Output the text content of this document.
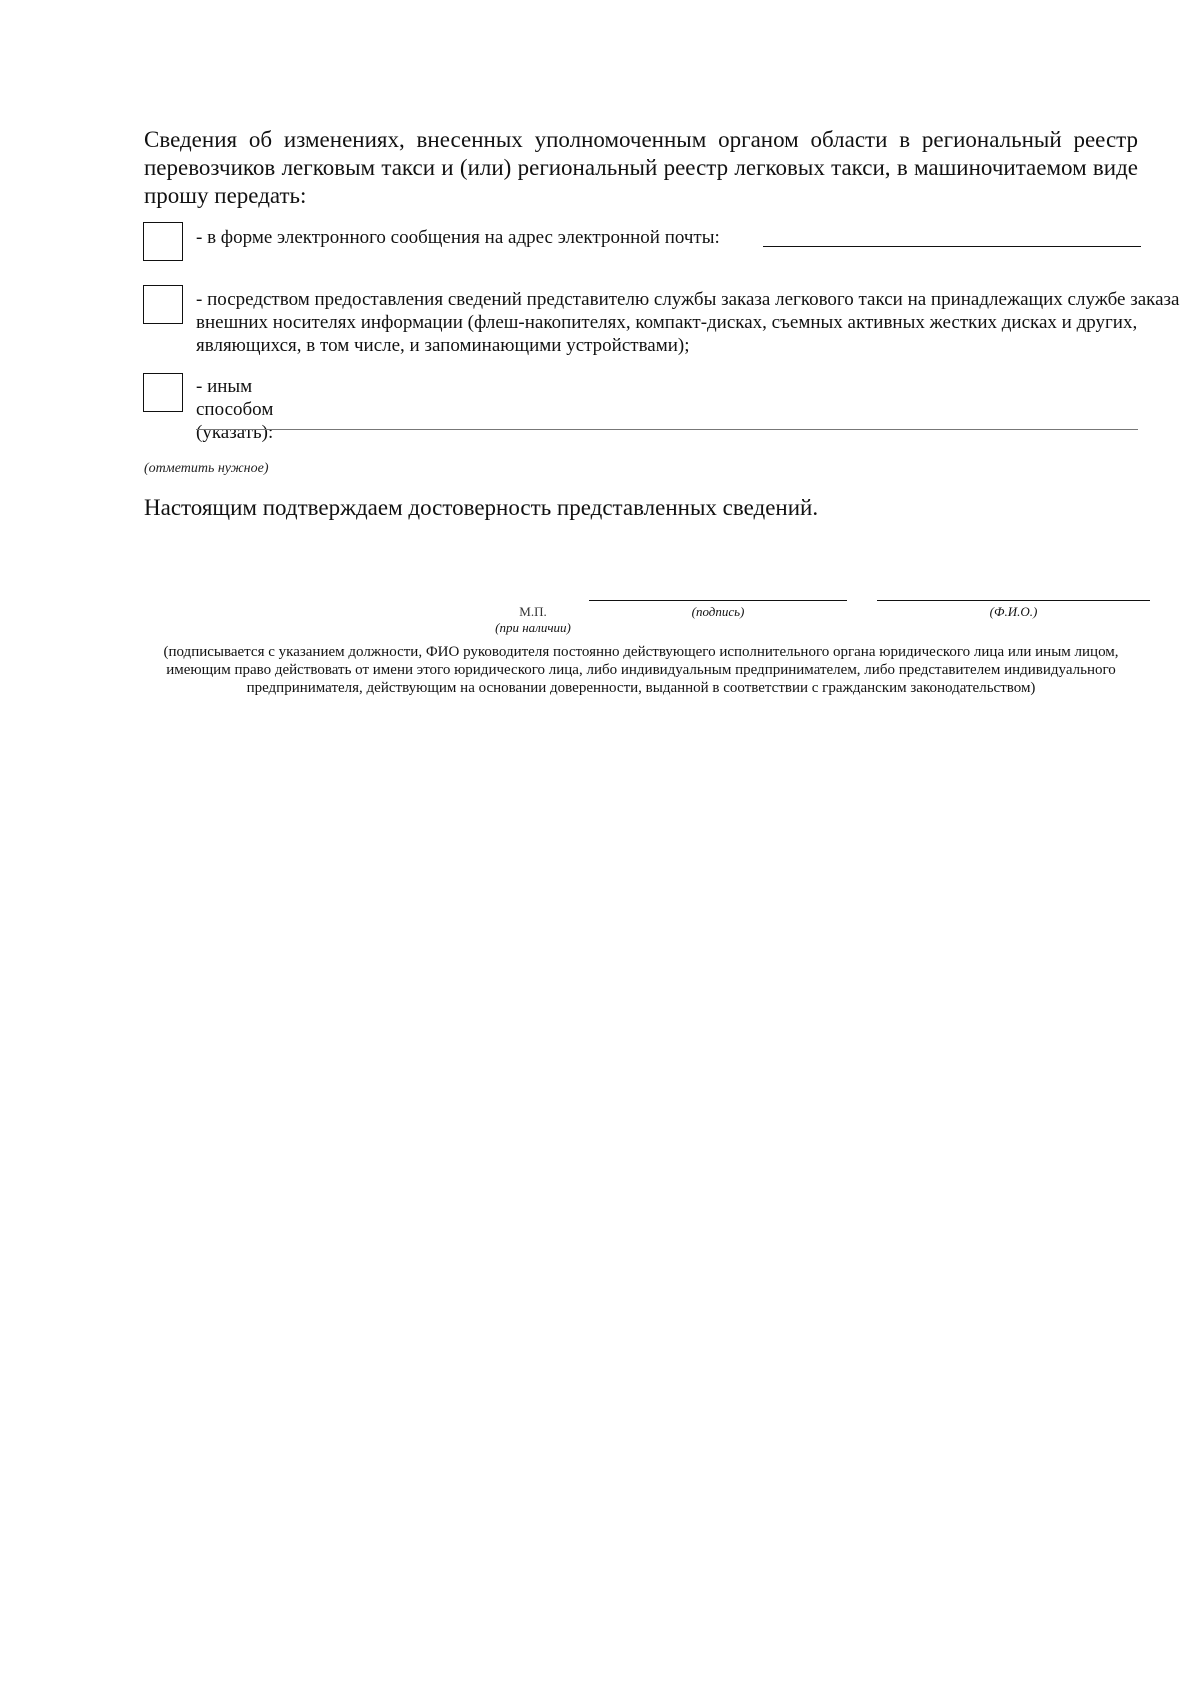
Сведения об изменениях, внесенных уполномоченным органом области в региональный реестр перевозчиков легковым такси и (или) региональный реестр легковых такси, в машиночитаемом виде прошу передать:
- в форме электронного сообщения на адрес электронной почты:
- посредством предоставления сведений представителю службы заказа легкового такси на принадлежащих службе заказа внешних носителях информации (флеш-накопителях, компакт-дисках, съемных активных жестких дисках и других, являющихся, в том числе, и запоминающими устройствами);
- иным способом (указать):
(отметить нужное)
Настоящим подтверждаем достоверность представленных сведений.
М.П.
(при наличии)
(подпись)	(Ф.И.О.)
(подписывается с указанием должности, ФИО руководителя постоянно действующего исполнительного органа юридического лица или иным лицом, имеющим право действовать от имени этого юридического лица, либо индивидуальным предпринимателем, либо представителем индивидуального предпринимателя, действующим на основании доверенности, выданной в соответствии с гражданским законодательством)
